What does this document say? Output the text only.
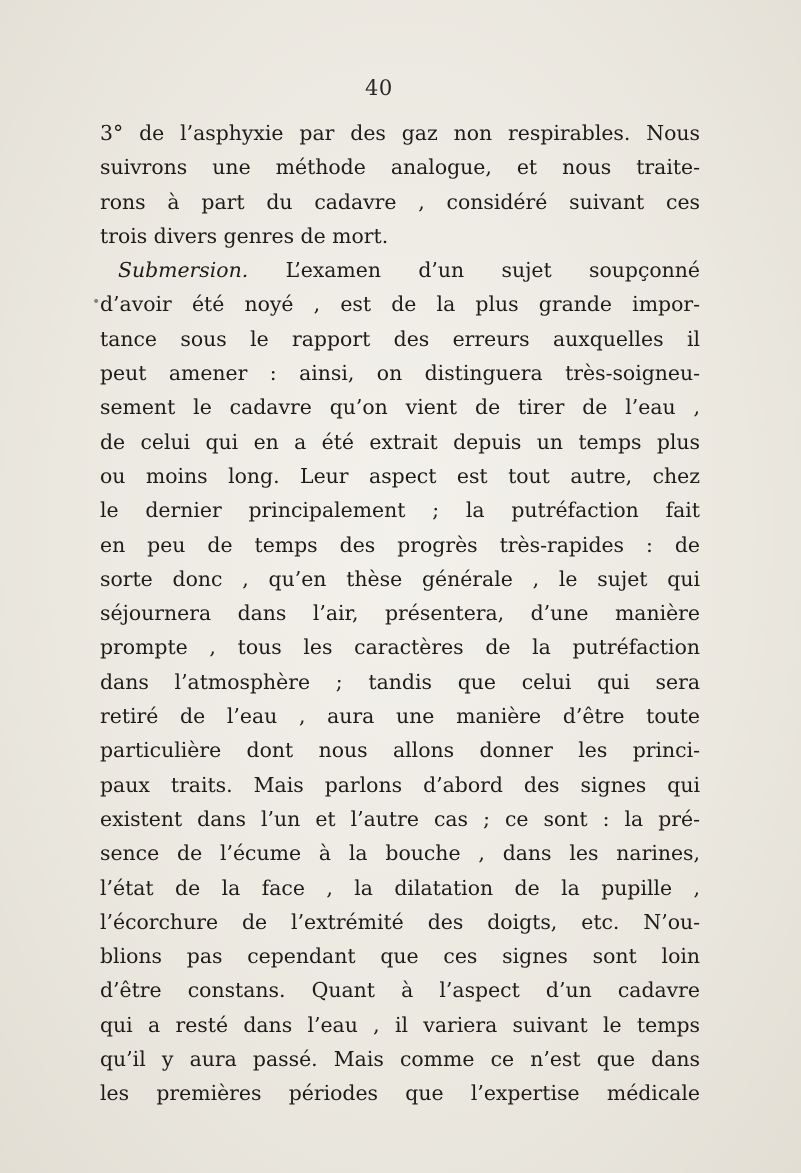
40
•
3° de l’asphyxie par des gaz non respirables. Nous
suivrons une méthode analogue, et nous traite-
rons à part du cadavre , considéré suivant ces
trois divers genres de mort.
Submersion. L’examen d’un sujet soupçonné
d’avoir été noyé , est de la plus grande impor-
tance sous le rapport des erreurs auxquelles il
peut amener : ainsi, on distinguera très-soigneu-
sement le cadavre qu’on vient de tirer de l’eau ,
de celui qui en a été extrait depuis un temps plus
ou moins long. Leur aspect est tout autre, chez
le dernier principalement ; la putréfaction fait
en peu de temps des progrès très-rapides : de
sorte donc , qu’en thèse générale , le sujet qui
séjournera dans l’air, présentera, d’une manière
prompte , tous les caractères de la putréfaction
dans l’atmosphère ; tandis que celui qui sera
retiré de l’eau , aura une manière d’être toute
particulière dont nous allons donner les princi-
paux traits. Mais parlons d’abord des signes qui
existent dans l’un et l’autre cas ; ce sont : la pré-
sence de l’écume à la bouche , dans les narines,
l’état de la face , la dilatation de la pupille ,
l’écorchure de l’extrémité des doigts, etc. N’ou-
blions pas cependant que ces signes sont loin
d’être constans. Quant à l’aspect d’un cadavre
qui a resté dans l’eau , il variera suivant le temps
qu’il y aura passé. Mais comme ce n’est que dans
les premières périodes que l’expertise médicale
